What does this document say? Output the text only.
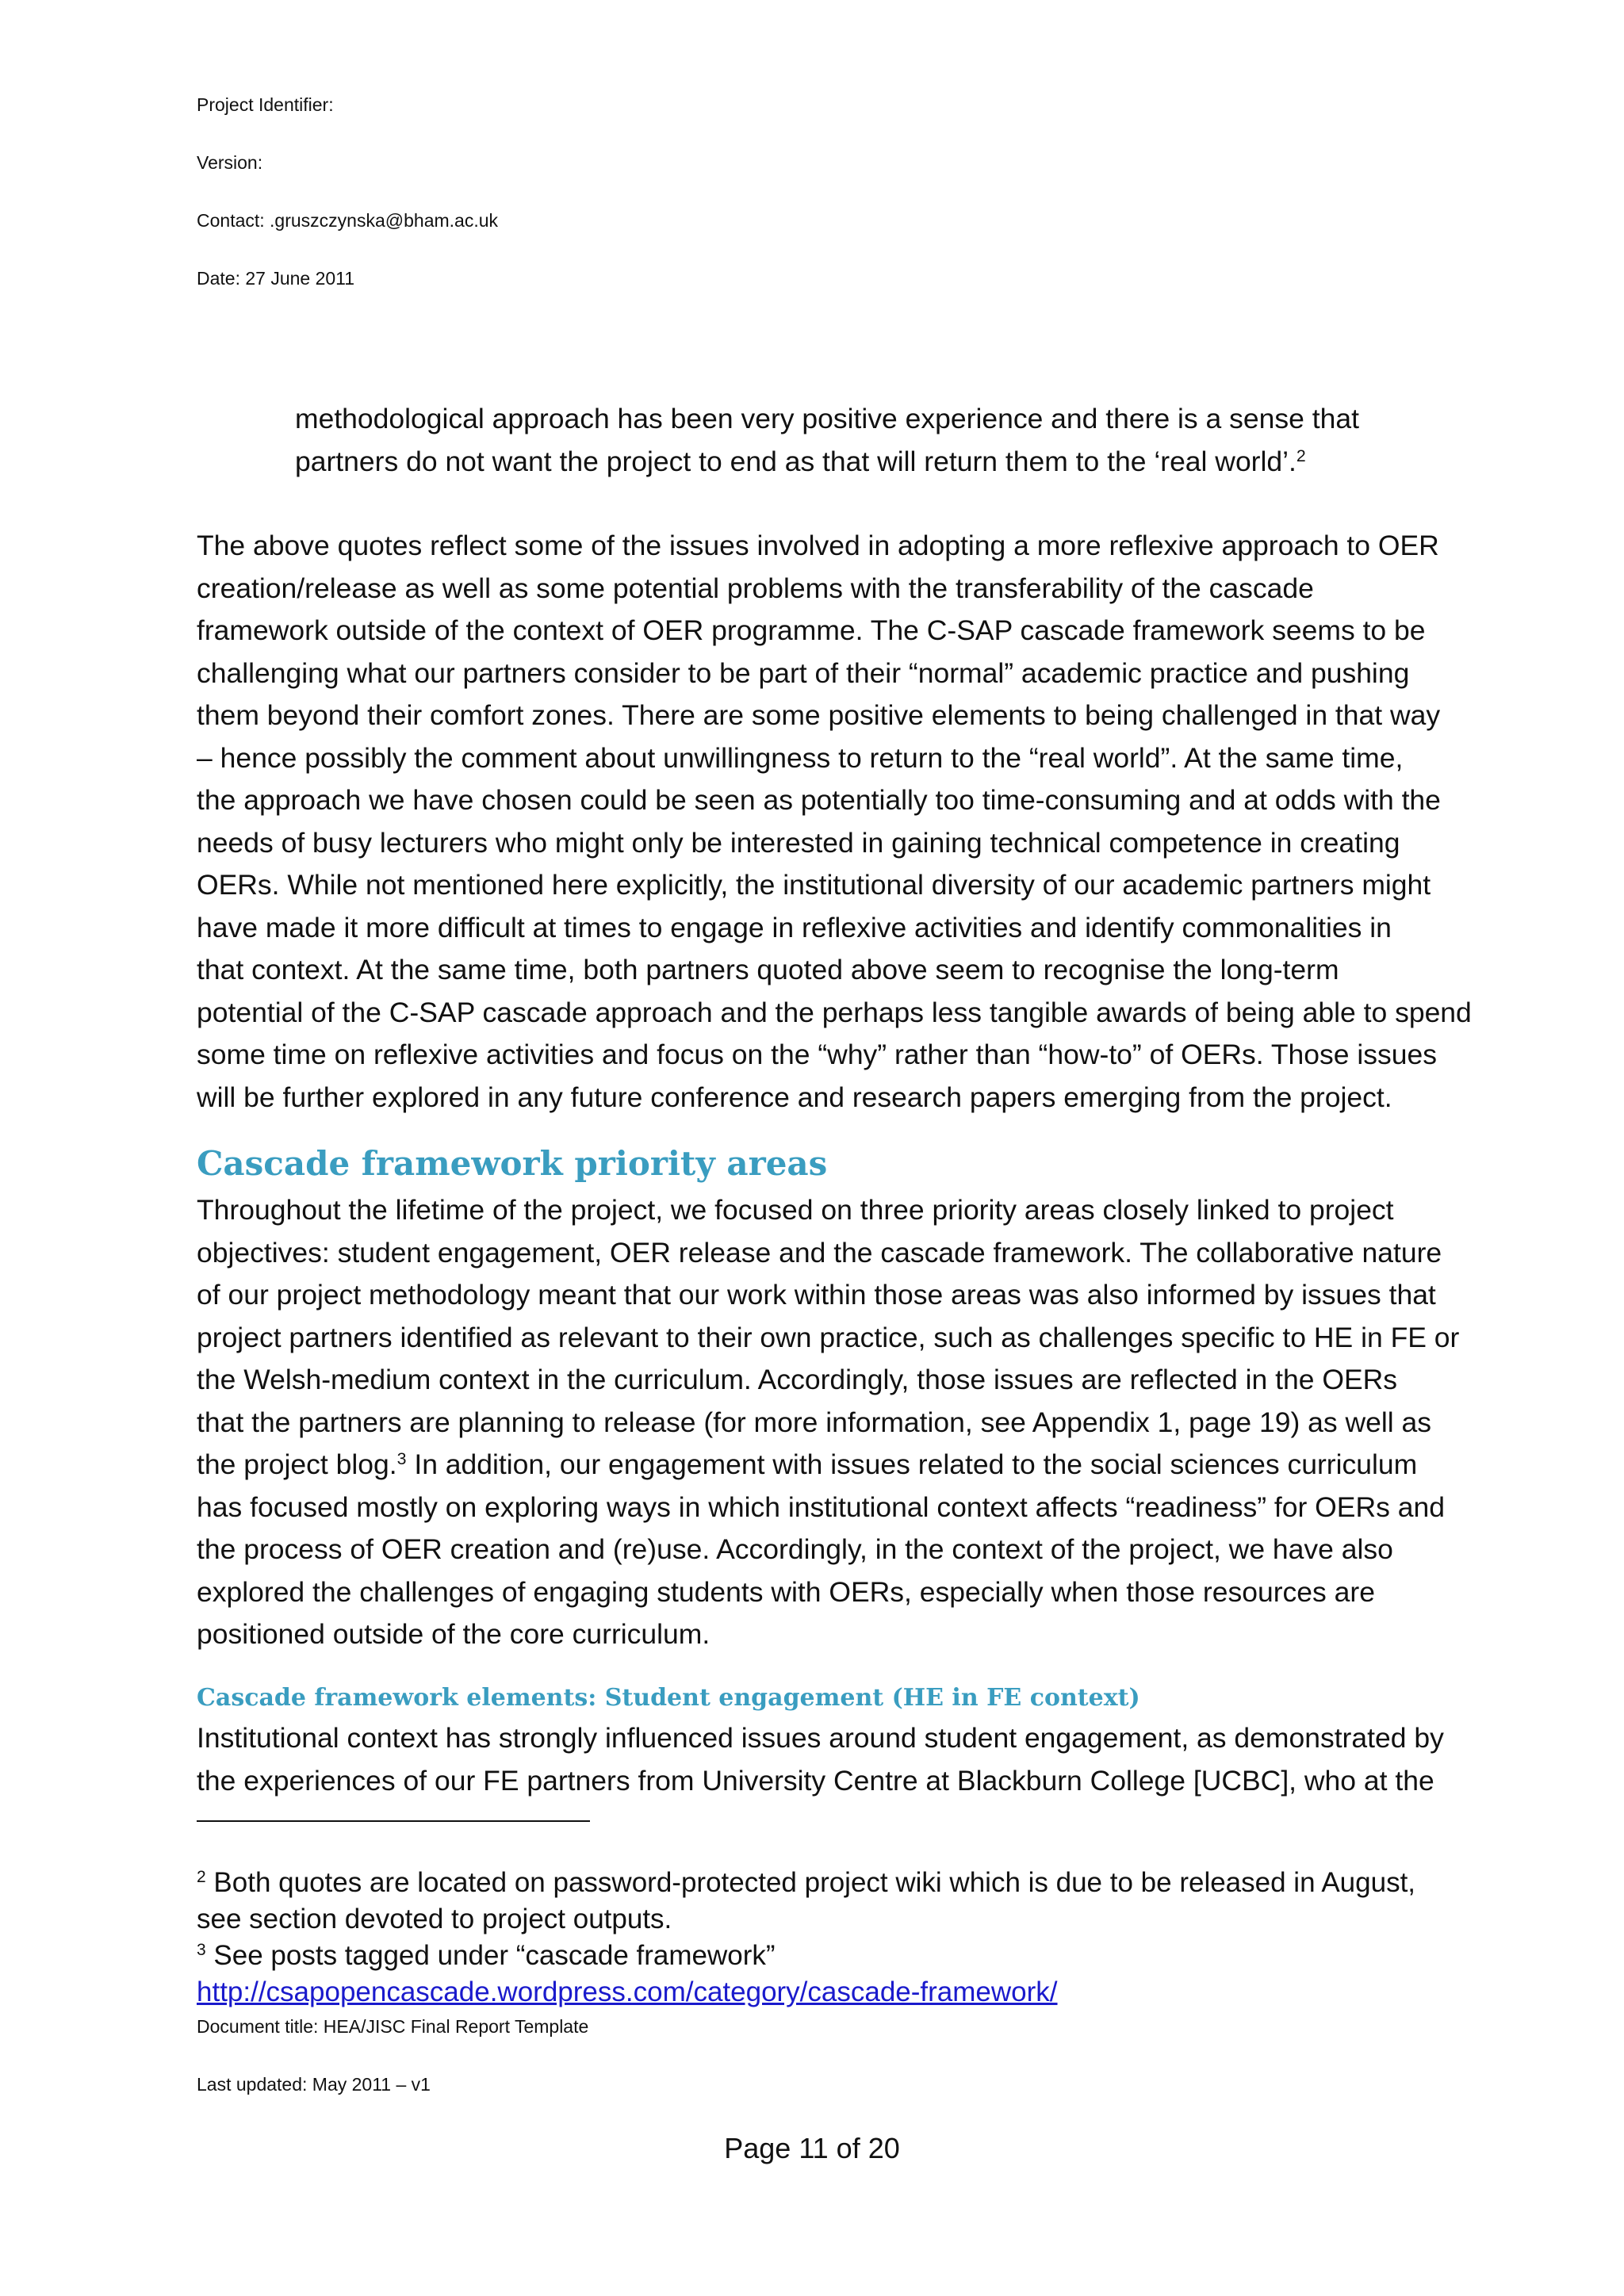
Project Identifier:
Version:
Contact: .gruszczynska@bham.ac.uk
Date: 27 June 2011
methodological approach has been very positive experience and there is a sense that
partners do not want the project to end as that will return them to the ‘real world’.$^2$
The above quotes reflect some of the issues involved in adopting a more reflexive approach to OER
creation/release as well as some potential problems with the transferability of the cascade
framework outside of the context of OER programme. The C-SAP cascade framework seems to be
challenging what our partners consider to be part of their “normal” academic practice and pushing
them beyond their comfort zones. There are some positive elements to being challenged in that way
– hence possibly the comment about unwillingness to return to the “real world”. At the same time,
the approach we have chosen could be seen as potentially too time-consuming and at odds with the
needs of busy lecturers who might only be interested in gaining technical competence in creating
OERs. While not mentioned here explicitly, the institutional diversity of our academic partners might
have made it more difficult at times to engage in reflexive activities and identify commonalities in
that context. At the same time, both partners quoted above seem to recognise the long-term
potential of the C-SAP cascade approach and the perhaps less tangible awards of being able to spend
some time on reflexive activities and focus on the “why” rather than “how-to” of OERs. Those issues
will be further explored in any future conference and research papers emerging from the project.
Cascade framework priority areas
Throughout the lifetime of the project, we focused on three priority areas closely linked to project
objectives: student engagement, OER release and the cascade framework. The collaborative nature
of our project methodology meant that our work within those areas was also informed by issues that
project partners identified as relevant to their own practice, such as challenges specific to HE in FE or
the Welsh-medium context in the curriculum. Accordingly, those issues are reflected in the OERs
that the partners are planning to release (for more information, see Appendix 1, page 19) as well as
the project blog.$^3$ In addition, our engagement with issues related to the social sciences curriculum
has focused mostly on exploring ways in which institutional context affects “readiness” for OERs and
the process of OER creation and (re)use. Accordingly, in the context of the project, we have also
explored the challenges of engaging students with OERs, especially when those resources are
positioned outside of the core curriculum.
Cascade framework elements: Student engagement (HE in FE context)
Institutional context has strongly influenced issues around student engagement, as demonstrated by
the experiences of our FE partners from University Centre at Blackburn College [UCBC], who at the
$^2$ Both quotes are located on password-protected project wiki which is due to be released in August,
see section devoted to project outputs.
$^3$ See posts tagged under “cascade framework”
http://csapopencascade.wordpress.com/category/cascade-framework/
Document title: HEA/JISC Final Report Template
Last updated: May 2011 – v1
Page 11 of 20
